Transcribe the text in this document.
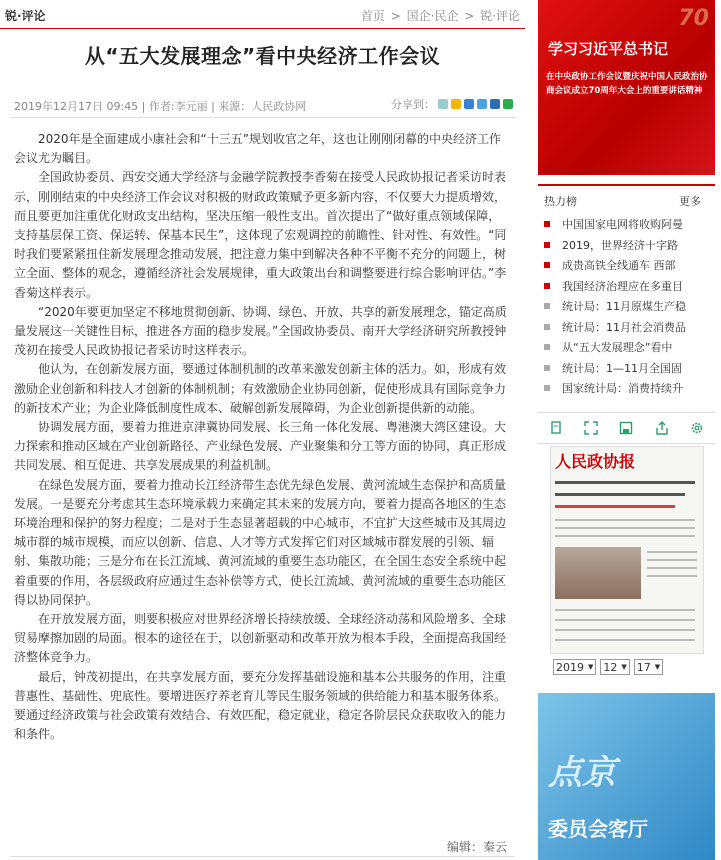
锐·评论	首页 > 国企·民企 > 锐·评论
从“五大发展理念”看中央经济工作会议
2019年12月17日 09:45 | 作者:李元丽 | 来源：人民政协网	分享到：

2020年是全面建成小康社会和“十三五”规划收官之年，这也让刚刚闭幕的中央经济工作会议尤为瞩目。

全国政协委员、西安交通大学经济与金融学院教授李香菊在接受人民政协报记者采访时表示，刚刚结束的中央经济工作会议对积极的财政政策赋予更多新内容，不仅要大力提质增效，而且要更加注重优化财政支出结构，坚决压缩一般性支出。首次提出了“做好重点领域保障，支持基层保工资、保运转、保基本民生”，这体现了宏观调控的前瞻性、针对性、有效性。“同时我们要紧紧扭住新发展理念推动发展，把注意力集中到解决各种不平衡不充分的问题上，树立全面、整体的观念，遵循经济社会发展规律，重大政策出台和调整要进行综合影响评估。”李香菊这样表示。

“2020年要更加坚定不移地贯彻创新、协调、绿色、开放、共享的新发展理念，锚定高质量发展这一关键性目标，推进各方面的稳步发展。”全国政协委员、南开大学经济研究所教授钟茂初在接受人民政协报记者采访时这样表示。

他认为，在创新发展方面，要通过体制机制的改革来激发创新主体的活力。如，形成有效激励企业创新和科技人才创新的体制机制；有效激励企业协同创新，促使形成具有国际竞争力的新技术产业；为企业降低制度性成本、破解创新发展障碍，为企业创新提供新的动能。

协调发展方面，要着力推进京津冀协同发展、长三角一体化发展、粤港澳大湾区建设。大力探索和推动区域在产业创新路径、产业绿色发展、产业聚集和分工等方面的协同，真正形成共同发展、相互促进、共享发展成果的利益机制。

在绿色发展方面，要着力推动长江经济带生态优先绿色发展、黄河流域生态保护和高质量发展。一是要充分考虑其生态环境承载力来确定其未来的发展方向，要着力提高各地区的生态环境治理和保护的努力程度；二是对于生态显著超载的中心城市，不宜扩大这些城市及其周边城市群的城市规模，而应以创新、信息、人才等方式发挥它们对区域城市群发展的引领、辐射、集散功能；三是分布在长江流域、黄河流域的重要生态功能区，在全国生态安全系统中起着重要的作用，各层级政府应通过生态补偿等方式，使长江流域、黄河流域的重要生态功能区得以协同保护。

在开放发展方面，则要积极应对世界经济增长持续放缓、全球经济动荡和风险增多、全球贸易摩擦加剧的局面。根本的途径在于，以创新驱动和改革开放为根本手段，全面提高我国经济整体竞争力。

最后，钟茂初提出，在共享发展方面，要充分发挥基础设施和基本公共服务的作用，注重普惠性、基础性、兜底性。要增进医疗养老育儿等民生服务领域的供给能力和基本服务体系。要通过经济政策与社会政策有效结合、有效匹配，稳定就业，稳定各阶层民众获取收入的能力和条件。

编辑：秦云
70
学习习近平总书记
在中央政协工作会议暨庆祝中国人民政治协商会议成立70周年大会上的重要讲话精神
热力榜	更多
中国国家电网将收购阿曼
2019，世界经济十字路
成贵高铁全线通车 西部
我国经济治理应在多重目
统计局：11月原煤生产稳
统计局：11月社会消费品
从“五大发展理念”看中
统计局：1—11月全国固
国家统计局：消费持续升
人民政协报
2019 ▼ 12 ▼ 17 ▼
点京
委员会客厅
